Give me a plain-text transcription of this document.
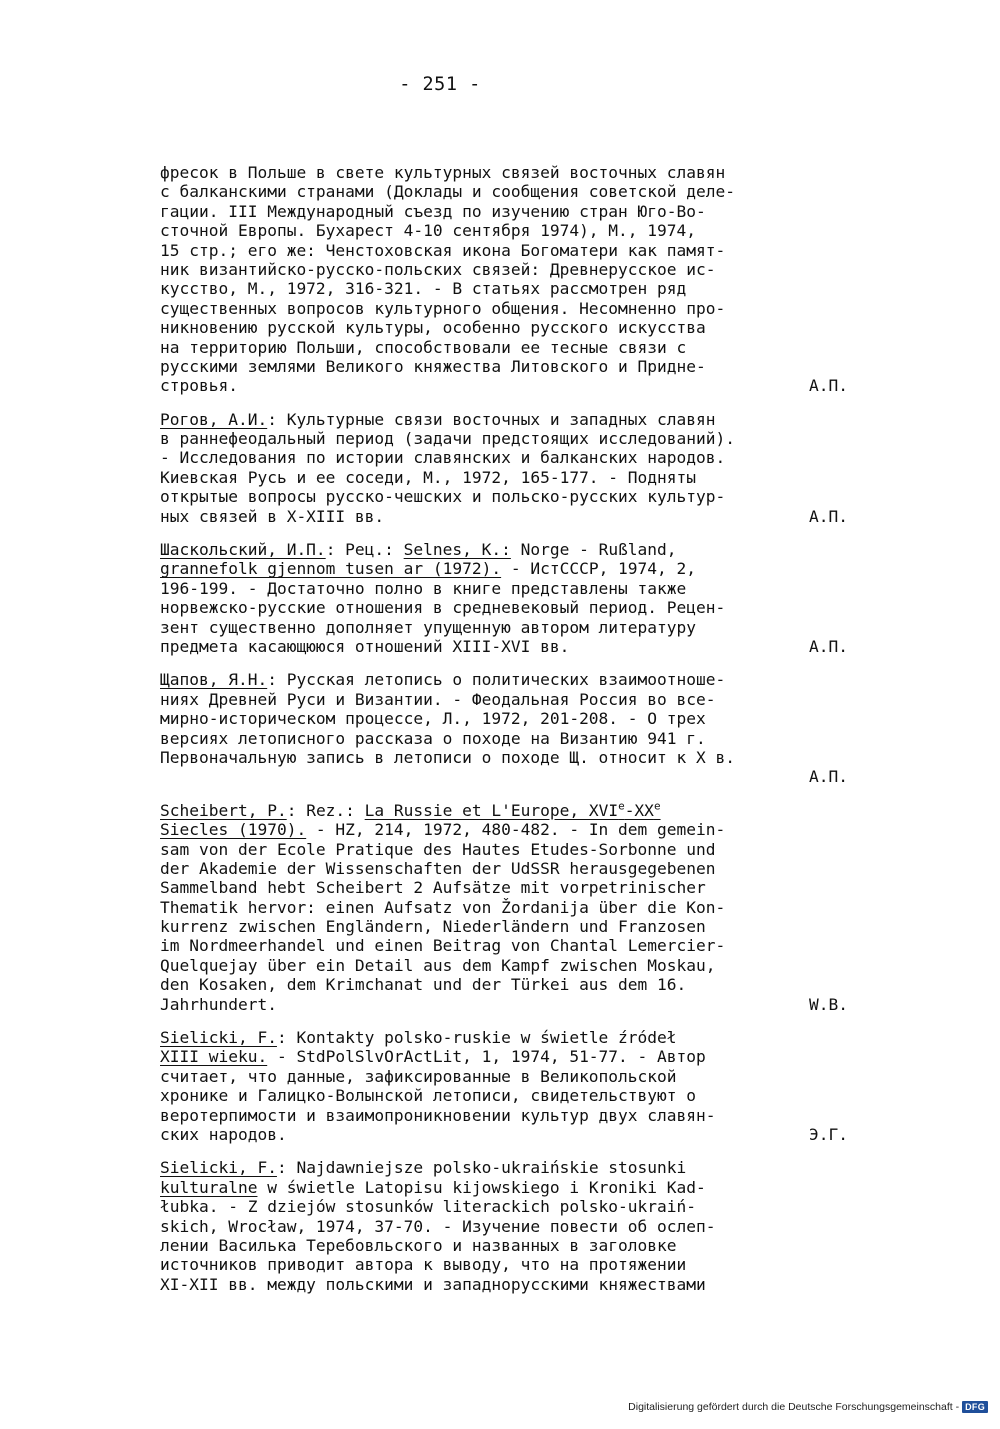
- 251 -
фресок в Польше в свете культурных связей восточных славян
с балканскими странами (Доклады и сообщения советской деле-
гации. III Международный съезд по изучению стран Юго-Во-
сточной Европы. Бухарест 4-10 сентября 1974), М., 1974,
15 стр.; его же: Ченстоховская икона Богоматери как памят-
ник византийско-русско-польских связей: Древнерусское ис-
кусство, М., 1972, 316-321. - В статьях рассмотрен ряд
существенных вопросов культурного общения. Несомненно про-
никновению русской культуры, особенно русского искусства
на территорию Польши, способствовали ее тесные связи с
русскими землями Великого княжества Литовского и Придне-
стровья.	А.П.
Рогов, А.И.: Культурные связи восточных и западных славян
в раннефеодальный период (задачи предстоящих исследований).
- Исследования по истории славянских и балканских народов.
Киевская Русь и ее соседи, М., 1972, 165-177. - Подняты
открытые вопросы русско-чешских и польско-русских культур-
ных связей в X-XIII вв.	А.П.
Шаскольский, И.П.: Рец.: Selnes, K.: Norge - Rußland,
grannefolk gjennom tusen ar (1972). - ИстСССР, 1974, 2,
196-199. - Достаточно полно в книге представлены также
норвежско-русские отношения в средневековый период. Рецен-
зент существенно дополняет упущенную автором литературу
предмета касающююся отношений XIII-XVI вв.	А.П.
Щапов, Я.Н.: Русская летопись о политических взаимоотноше-
ниях Древней Руси и Византии. - Феодальная Россия во все-
мирно-историческом процессе, Л., 1972, 201-208. - О трех
версиях летописного рассказа о походе на Византию 941 г.
Первоначальную запись в летописи о походе Щ. относит к X в.
А.П.
Scheibert, P.: Rez.: La Russie et L'Europe, XVIe-XXe
Siecles (1970). - HZ, 214, 1972, 480-482. - In dem gemein-
sam von der Ecole Pratique des Hautes Etudes-Sorbonne und
der Akademie der Wissenschaften der UdSSR herausgegebenen
Sammelband hebt Scheibert 2 Aufsätze mit vorpetrinischer
Thematik hervor: einen Aufsatz von Žordanija über die Kon-
kurrenz zwischen Engländern, Niederländern und Franzosen
im Nordmeerhandel und einen Beitrag von Chantal Lemercier-
Quelquejay über ein Detail aus dem Kampf zwischen Moskau,
den Kosaken, dem Krimchanat und der Türkei aus dem 16.
Jahrhundert.	W.B.
Sielicki, F.: Kontakty polsko-ruskie w świetle źródeł
XIII wieku. - StdPolSlvOrActLit, 1, 1974, 51-77. - Автор
считает, что данные, зафиксированные в Великопольской
хронике и Галицко-Волынской летописи, свидетельствуют о
веротерпимости и взаимопроникновении культур двух славян-
ских народов.	Э.Г.
Sielicki, F.: Najdawniejsze polsko-ukraińskie stosunki
kulturalne w świetle Latopisu kijowskiego i Kroniki Kad-
łubka. - Z dziejów stosunków literackich polsko-ukraiń-
skich, Wrocław, 1974, 37-70. - Изучение повести об ослеп-
лении Василька Теребовльского и названных в заголовке
источников приводит автора к выводу, что на протяжении
XI-XII вв. между польскими и западнорусскими княжествами
Digitalisierung gefördert durch die Deutsche Forschungsgemeinschaft - DFG
